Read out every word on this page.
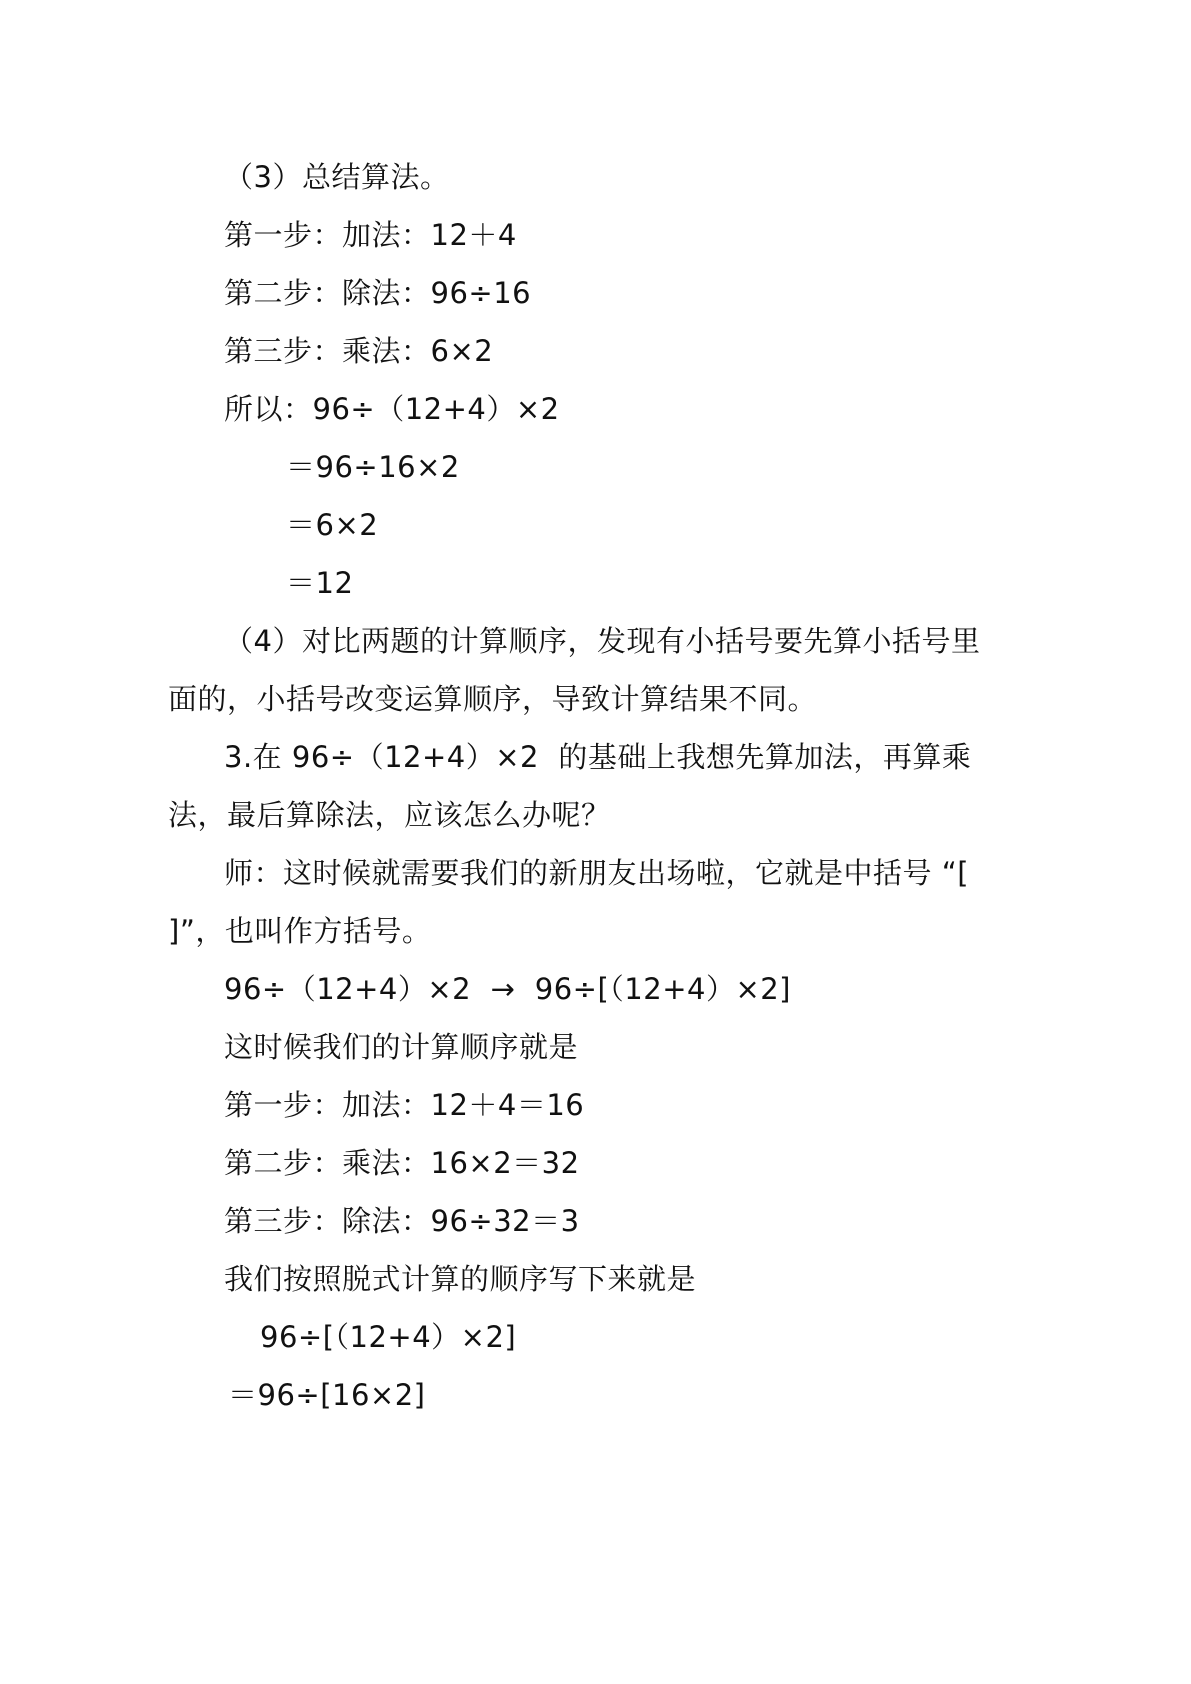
（3）总结算法。
第一步：加法：12＋4
第二步：除法：96÷16
第三步：乘法：6×2
所以：96÷（12+4）×2
＝96÷16×2
＝6×2
＝12
（4）对比两题的计算顺序，发现有小括号要先算小括号里
面的，小括号改变运算顺序，导致计算结果不同。
3.在 96÷（12+4）×2  的基础上我想先算加法，再算乘
法，最后算除法，应该怎么办呢？
师：这时候就需要我们的新朋友出场啦，它就是中括号 “[
]”，也叫作方括号。
96÷（12+4）×2  →  96÷[（12+4）×2]
这时候我们的计算顺序就是
第一步：加法：12＋4＝16
第二步：乘法：16×2＝32
第三步：除法：96÷32＝3
我们按照脱式计算的顺序写下来就是
96÷[（12+4）×2]
＝96÷[16×2]
